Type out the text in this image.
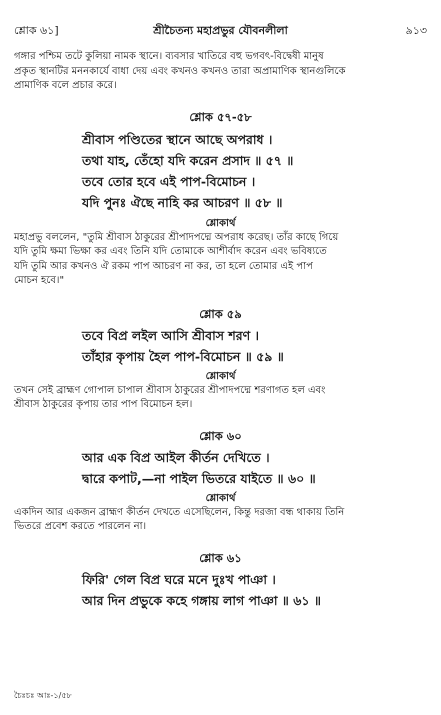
শ্লোক ৬১]	শ্রীচৈতন্য মহাপ্রভুর যৌবনলীলা	৯১৩

গঙ্গার পশ্চিম তটে কুলিয়া নামক স্থানে। ব্যবসার খাতিরে বহু ভগবৎ-বিদ্বেষী মানুষ

প্রকৃত স্থানটির মননকার্যে বাধা দেয় এবং কখনও কখনও তারা অপ্রামাণিক স্থানগুলিকে

প্রামাণিক বলে প্রচার করে।

শ্লোক ৫৭-৫৮

শ্রীবাস পণ্ডিতের স্থানে আছে অপরাধ ।

তথা যাহ, তেঁহো যদি করেন প্রসাদ ॥ ৫৭ ॥

তবে তোর হবে এই পাপ-বিমোচন ।

যদি পুনঃ ঐছে নাহি কর আচরণ ॥ ৫৮ ॥

শ্লোকার্থ

মহাপ্রভু বললেন, "তুমি শ্রীবাস ঠাকুরের শ্রীপাদপদ্মে অপরাধ করেছ। তাঁর কাছে গিয়ে

যদি তুমি ক্ষমা ভিক্ষা কর এবং তিনি যদি তোমাকে আশীর্বাদ করেন এবং ভবিষ্যতে

যদি তুমি আর কখনও ঐ রকম পাপ আচরণ না কর, তা হলে তোমার এই পাপ

মোচন হবে।"

শ্লোক ৫৯

তবে বিপ্র লইল আসি শ্রীবাস শরণ ।

তাঁহার কৃপায় হৈল পাপ-বিমোচন ॥ ৫৯ ॥

শ্লোকার্থ

তখন সেই ব্রাহ্মণ গোপাল চাপাল শ্রীবাস ঠাকুরের শ্রীপাদপদ্মে শরণাগত হল এবং

শ্রীবাস ঠাকুরের কৃপায় তার পাপ বিমোচন হল।

শ্লোক ৬০

আর এক বিপ্র আইল কীর্তন দেখিতে ।

দ্বারে কপাট,—না পাইল ভিতরে যাইতে ॥ ৬০ ॥

শ্লোকার্থ

একদিন আর একজন ব্রাহ্মণ কীর্তন দেখতে এসেছিলেন, কিন্তু দরজা বন্ধ থাকায় তিনি

ভিতরে প্রবেশ করতে পারলেন না।

শ্লোক ৬১

ফিরি' গেল বিপ্র ঘরে মনে দুঃখ পাঞা ।

আর দিন প্রভুকে কহে গঙ্গায় লাগ পাঞা ॥ ৬১ ॥

চৈঃচঃ আঃ-১/৫৮
